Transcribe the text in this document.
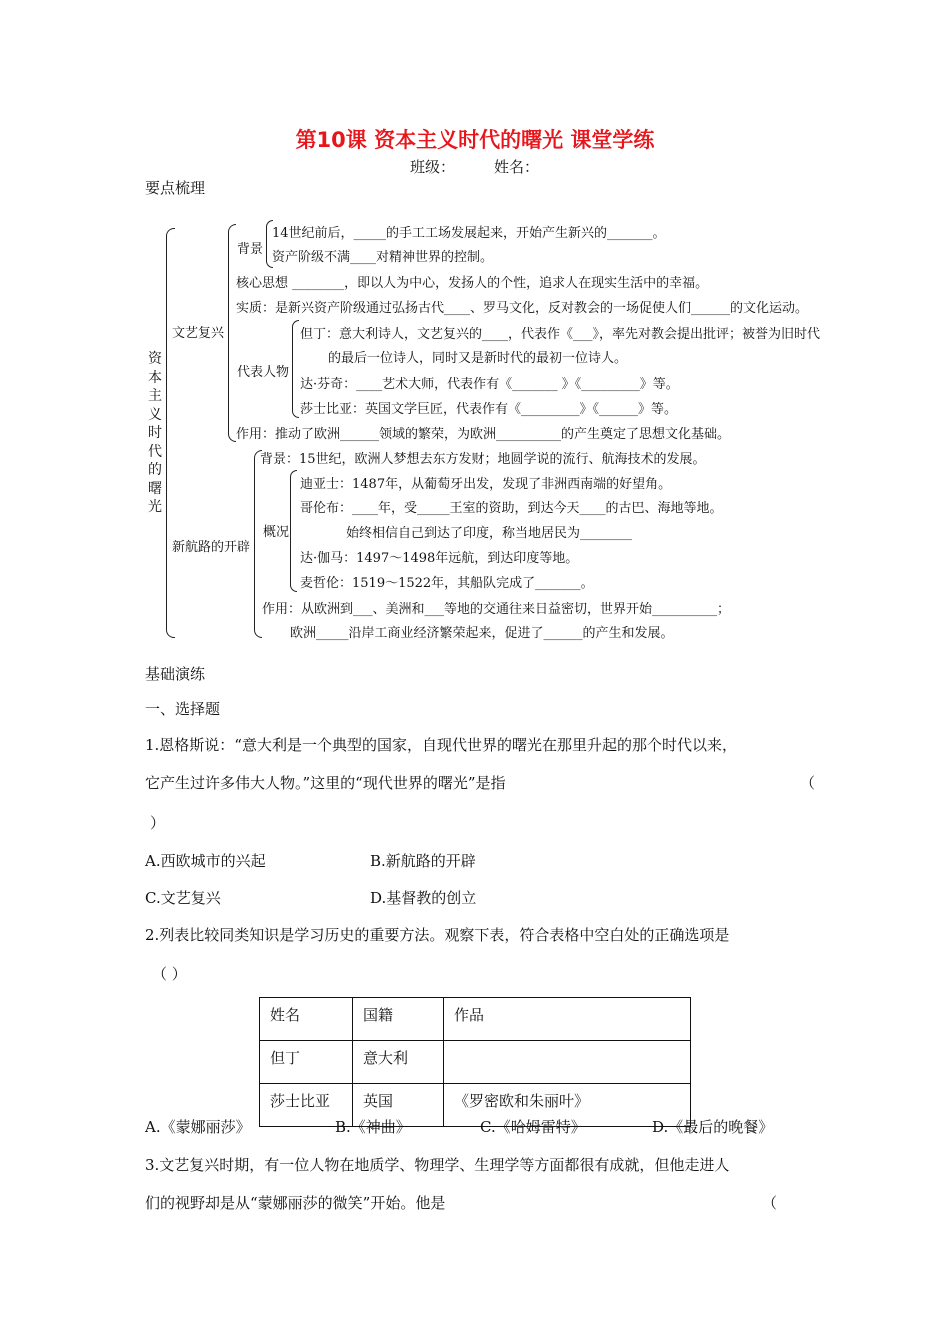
第10课 资本主义时代的曙光 课堂学练
班级：	姓名：
要点梳理
资本主义时代的曙光
文艺复兴
背景
14世纪前后，_____的手工工场发展起来，开始产生新兴的_______。
资产阶级不满____对精神世界的控制。
核心思想 ________，即以人为中心，发扬人的个性，追求人在现实生活中的幸福。
实质：是新兴资产阶级通过弘扬古代____、罗马文化，反对教会的一场促使人们______的文化运动。
代表人物
但丁：意大利诗人，文艺复兴的____，代表作《___》，率先对教会提出批评；被誉为旧时代
的最后一位诗人，同时又是新时代的最初一位诗人。
达·芬奇：____艺术大师，代表作有《_______ 》《_________》等。
莎士比亚：英国文学巨匠，代表作有《_________》《______》等。
作用：推动了欧洲______领域的繁荣，为欧洲__________的产生奠定了思想文化基础。
新航路的开辟
背景：15世纪，欧洲人梦想去东方发财；地圆学说的流行、航海技术的发展。
概况
迪亚士：1487年，从葡萄牙出发，发现了非洲西南端的好望角。
哥伦布：____年，受_____王室的资助，到达今天____的古巴、海地等地。
始终相信自己到达了印度，称当地居民为________
达·伽马：1497～1498年远航，到达印度等地。
麦哲伦：1519～1522年，其船队完成了_______。
作用：从欧洲到___、美洲和___等地的交通往来日益密切，世界开始__________；
欧洲_____沿岸工商业经济繁荣起来，促进了______的产生和发展。
基础演练
一、选择题
1.恩格斯说：“意大利是一个典型的国家，自现代世界的曙光在那里升起的那个时代以来，
它产生过许多伟大人物。”这里的“现代世界的曙光”是指	（
）
A.西欧城市的兴起	B.新航路的开辟
C.文艺复兴	D.基督教的创立
2.列表比较同类知识是学习历史的重要方法。观察下表，符合表格中空白处的正确选项是
（ ）
姓名	国籍	作品
但丁	意大利	
莎士比亚	英国	《罗密欧和朱丽叶》
A.《蒙娜丽莎》	B.《神曲》	C.《哈姆雷特》	D.《最后的晚餐》
3.文艺复兴时期，有一位人物在地质学、物理学、生理学等方面都很有成就，但他走进人
们的视野却是从“蒙娜丽莎的微笑”开始。他是	（
